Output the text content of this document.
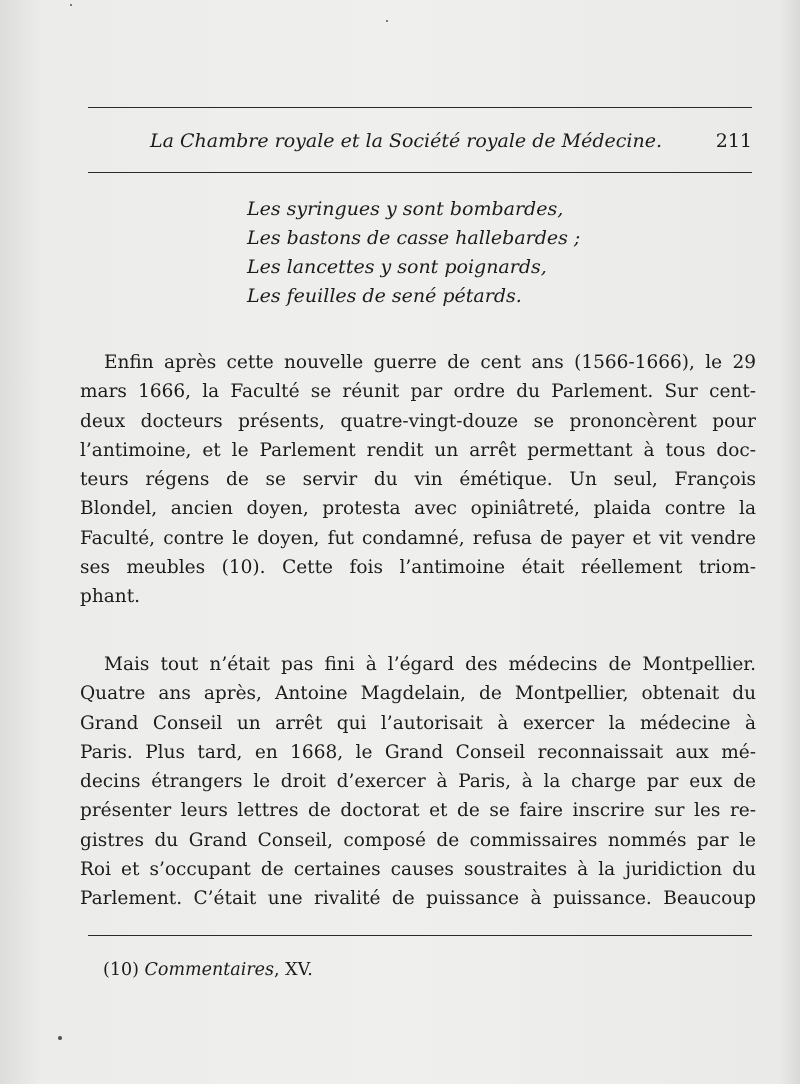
La Chambre royale et la Société royale de Médecine.	211
Les syringues y sont bombardes,
Les bastons de casse hallebardes ;
Les lancettes y sont poignards,
Les feuilles de sené pétards.
Enfin après cette nouvelle guerre de cent ans (1566-1666), le 29
mars 1666, la Faculté se réunit par ordre du Parlement. Sur cent-
deux docteurs présents, quatre-vingt-douze se prononcèrent pour
l’antimoine, et le Parlement rendit un arrêt permettant à tous doc-
teurs régens de se servir du vin émétique. Un seul, François
Blondel, ancien doyen, protesta avec opiniâtreté, plaida contre la
Faculté, contre le doyen, fut condamné, refusa de payer et vit vendre
ses meubles (10). Cette fois l’antimoine était réellement triom-
phant.
Mais tout n’était pas fini à l’égard des médecins de Montpellier.
Quatre ans après, Antoine Magdelain, de Montpellier, obtenait du
Grand Conseil un arrêt qui l’autorisait à exercer la médecine à
Paris. Plus tard, en 1668, le Grand Conseil reconnaissait aux mé-
decins étrangers le droit d’exercer à Paris, à la charge par eux de
présenter leurs lettres de doctorat et de se faire inscrire sur les re-
gistres du Grand Conseil, composé de commissaires nommés par le
Roi et s’occupant de certaines causes soustraites à la juridiction du
Parlement. C’était une rivalité de puissance à puissance. Beaucoup
(10) Commentaires, XV.
